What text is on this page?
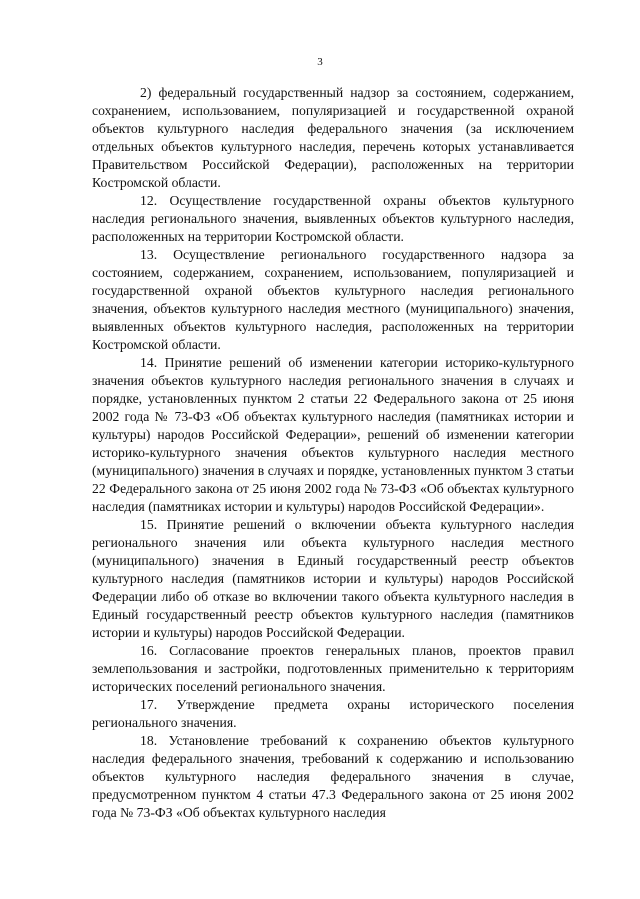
3

2) федеральный государственный надзор за состоянием, содержанием, сохранением, использованием, популяризацией и государственной охраной объектов культурного наследия федерального значения (за исключением отдельных объектов культурного наследия, перечень которых устанавливается Правительством Российской Федерации), расположенных на территории Костромской области.

12. Осуществление государственной охраны объектов культурного наследия регионального значения, выявленных объектов культурного наследия, расположенных на территории Костромской области.

13. Осуществление регионального государственного надзора за состоянием, содержанием, сохранением, использованием, популяризацией и государственной охраной объектов культурного наследия регионального значения, объектов культурного наследия местного (муниципального) значения, выявленных объектов культурного наследия, расположенных на территории Костромской области.

14. Принятие решений об изменении категории историко-культурного значения объектов культурного наследия регионального значения в случаях и порядке, установленных пунктом 2 статьи 22 Федерального закона от 25 июня 2002 года № 73-ФЗ «Об объектах культурного наследия (памятниках истории и культуры) народов Российской Федерации», решений об изменении категории историко-культурного значения объектов культурного наследия местного (муниципального) значения в случаях и порядке, установленных пунктом 3 статьи 22 Федерального закона от 25 июня 2002 года № 73-ФЗ «Об объектах культурного наследия (памятниках истории и культуры) народов Российской Федерации».

15. Принятие решений о включении объекта культурного наследия регионального значения или объекта культурного наследия местного (муниципального) значения в Единый государственный реестр объектов культурного наследия (памятников истории и культуры) народов Российской Федерации либо об отказе во включении такого объекта культурного наследия в Единый государственный реестр объектов культурного наследия (памятников истории и культуры) народов Российской Федерации.

16. Согласование проектов генеральных планов, проектов правил землепользования и застройки, подготовленных применительно к территориям исторических поселений регионального значения.

17. Утверждение предмета охраны исторического поселения регионального значения.

18. Установление требований к сохранению объектов культурного наследия федерального значения, требований к содержанию и использованию объектов культурного наследия федерального значения в случае, предусмотренном пунктом 4 статьи 47.3 Федерального закона от 25 июня 2002 года № 73-ФЗ «Об объектах культурного наследия
